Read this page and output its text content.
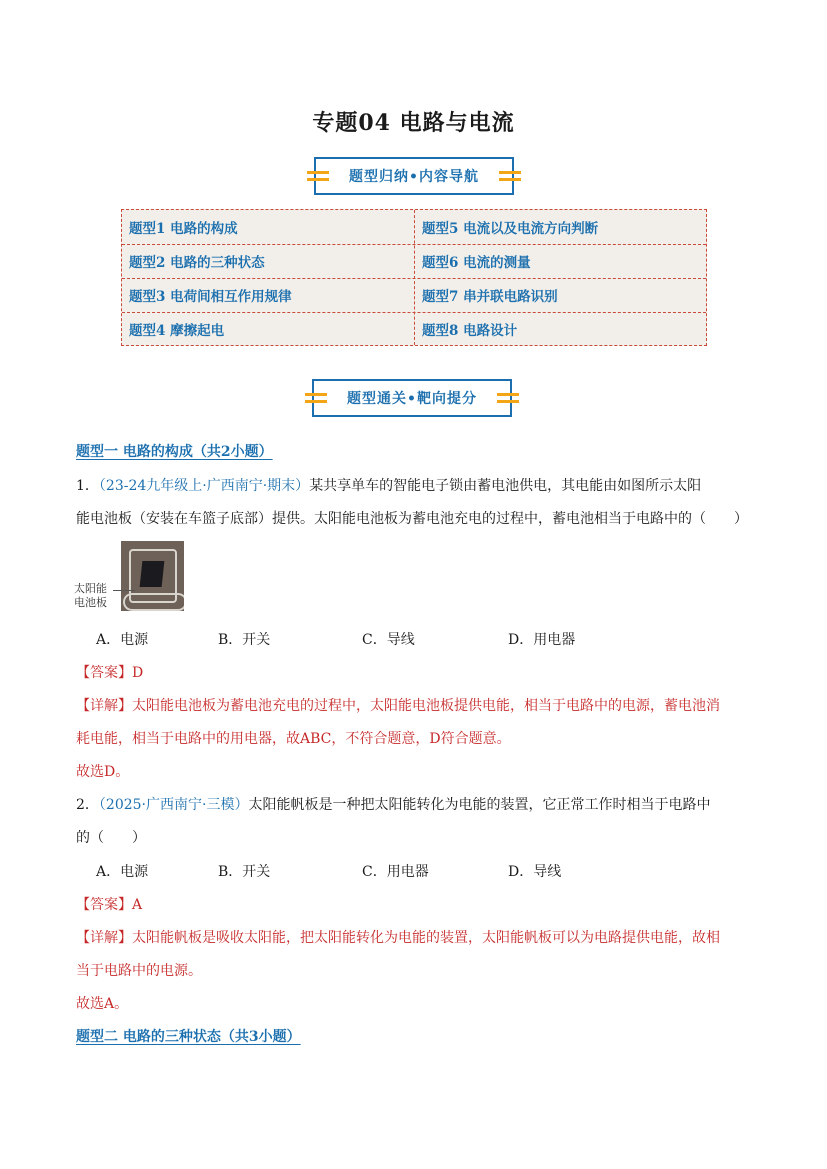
专题04 电路与电流
题型归纳•内容导航
题型1 电路的构成	题型5 电流以及电流方向判断
题型2 电路的三种状态	题型6 电流的测量
题型3 电荷间相互作用规律	题型7 串并联电路识别
题型4 摩擦起电	题型8 电路设计
题型通关•靶向提分
题型一 电路的构成（共2小题）
1．（23-24九年级上·广西南宁·期末）某共享单车的智能电子锁由蓄电池供电，其电能由如图所示太阳
能电池板（安装在车篮子底部）提供。太阳能电池板为蓄电池充电的过程中，蓄电池相当于电路中的（　　）
太阳能
电池板
A．电源	B．开关	C．导线	D．用电器
【答案】D
【详解】太阳能电池板为蓄电池充电的过程中，太阳能电池板提供电能，相当于电路中的电源，蓄电池消
耗电能，相当于电路中的用电器，故ABC，不符合题意，D符合题意。
故选D。
2．（2025·广西南宁·三模）太阳能帆板是一种把太阳能转化为电能的装置，它正常工作时相当于电路中
的（　　）
A．电源	B．开关	C．用电器	D．导线
【答案】A
【详解】太阳能帆板是吸收太阳能，把太阳能转化为电能的装置，太阳能帆板可以为电路提供电能，故相
当于电路中的电源。
故选A。
题型二 电路的三种状态（共3小题）
